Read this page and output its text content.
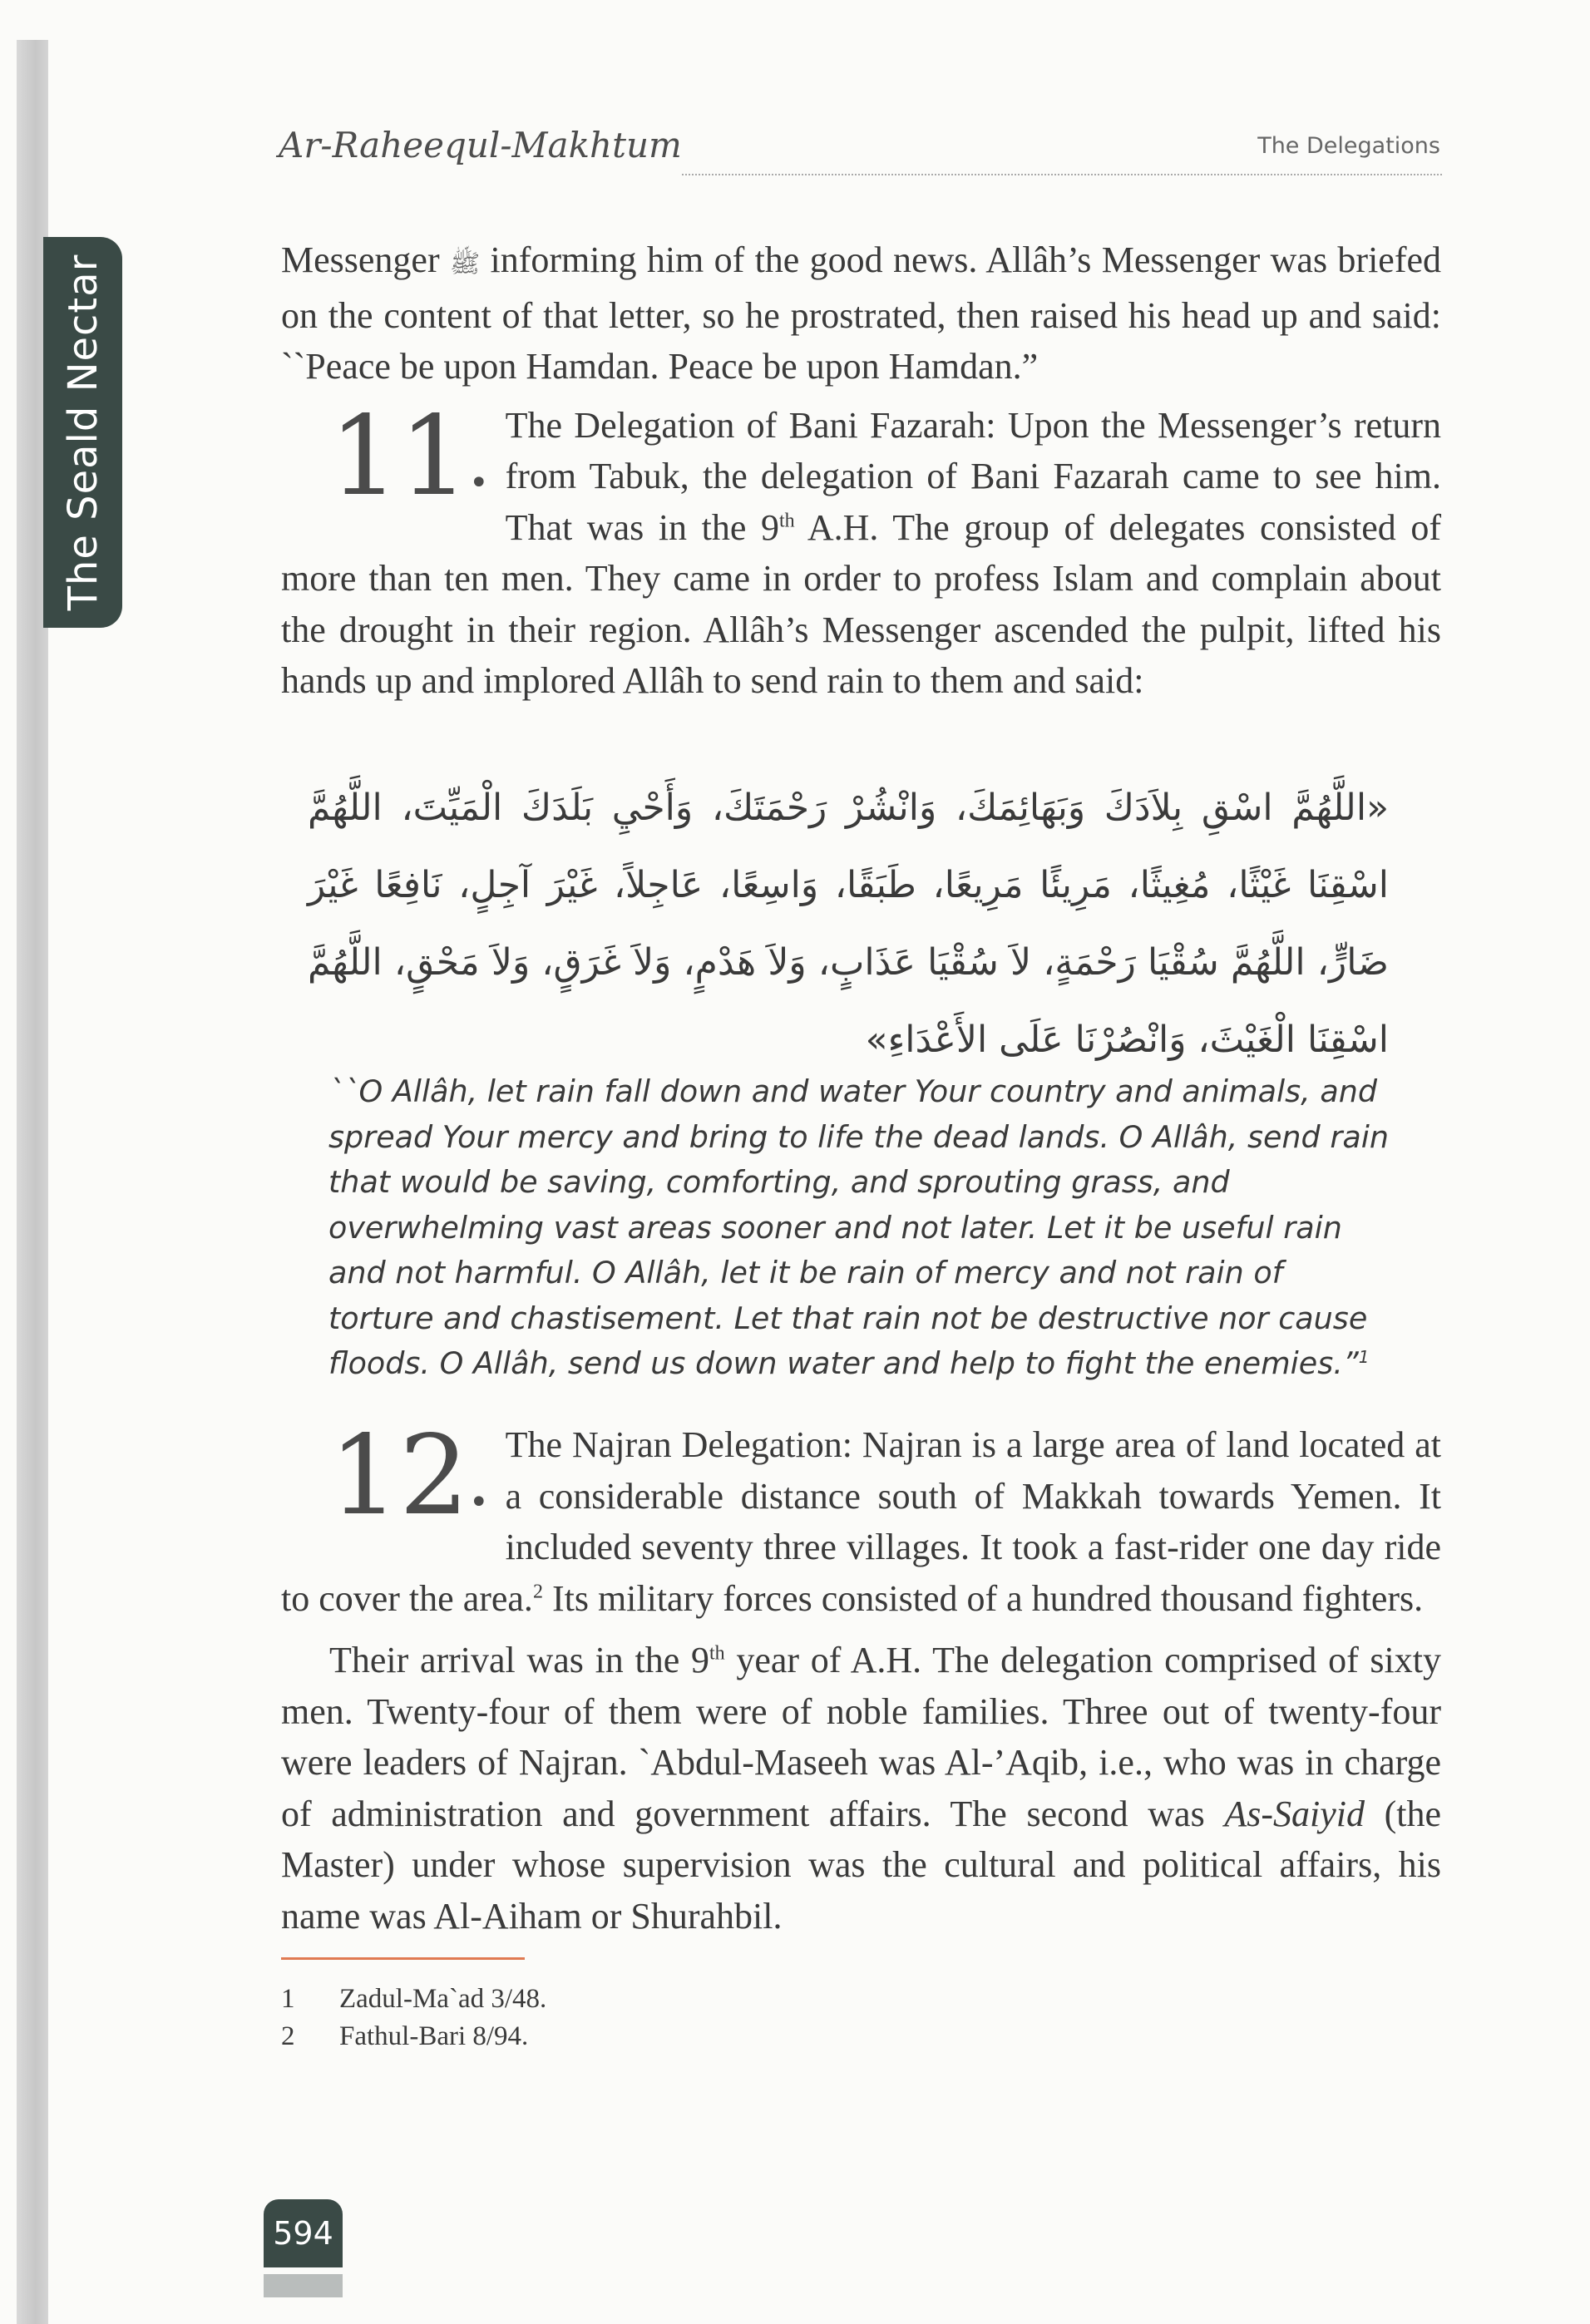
The Seald Nectar
Ar-Raheequl-Makhtum	The Delegations

Messenger ﷺ informing him of the good news. Allâh’s Messenger was briefed on the content of that letter, so he prostrated, then raised his head up and said: ``Peace be upon Hamdan. Peace be upon Hamdan.”

11•
The Delegation of Bani Fazarah: Upon the Messenger’s return from Tabuk, the delegation of Bani Fazarah came to see him. That was in the 9th A.H. The group of delegates consisted of more than ten men. They came in order to profess Islam and complain about the drought in their region. Allâh’s Messenger ascended the pulpit, lifted his hands up and implored Allâh to send rain to them and said:

«اللَّهُمَّ اسْقِ بِلاَدَكَ وَبَهَائِمَكَ، وَانْشُرْ رَحْمَتَكَ، وَأَحْيِ بَلَدَكَ الْمَيِّتَ، اللَّهُمَّ اسْقِنَا غَيْثًا، مُغِيثًا، مَرِيئًا مَرِيعًا، طَبَقًا، وَاسِعًا، عَاجِلاً، غَيْرَ آجِلٍ، نَافِعًا غَيْرَ ضَارٍّ، اللَّهُمَّ سُقْيَا رَحْمَةٍ، لاَ سُقْيَا عَذَابٍ، وَلاَ هَدْمٍ، وَلاَ غَرَقٍ، وَلاَ مَحْقٍ، اللَّهُمَّ اسْقِنَا الْغَيْثَ، وَانْصُرْنَا عَلَى الأَعْدَاءِ»

``O Allâh, let rain fall down and water Your country and animals, and spread Your mercy and bring to life the dead lands. O Allâh, send rain that would be saving, comforting, and sprouting grass, and overwhelming vast areas sooner and not later. Let it be useful rain and not harmful. O Allâh, let it be rain of mercy and not rain of torture and chastisement. Let that rain not be destructive nor cause floods. O Allâh, send us down water and help to fight the enemies.”$^1$

12•
The Najran Delegation: Najran is a large area of land located at a considerable distance south of Makkah towards Yemen. It included seventy three villages. It took a fast-rider one day ride to cover the area.$^2$ Its military forces consisted of a hundred thousand fighters.

Their arrival was in the 9th year of A.H. The delegation comprised of sixty men. Twenty-four of them were of noble families. Three out of twenty-four were leaders of Najran. `Abdul-Maseeh was Al-’Aqib, i.e., who was in charge of administration and government affairs. The second was As-Saiyid (the Master) under whose supervision was the cultural and political affairs, his name was Al-Aiham or Shurahbil.

1 Zadul-Ma`ad 3/48.

2 Fathul-Bari 8/94.

594
